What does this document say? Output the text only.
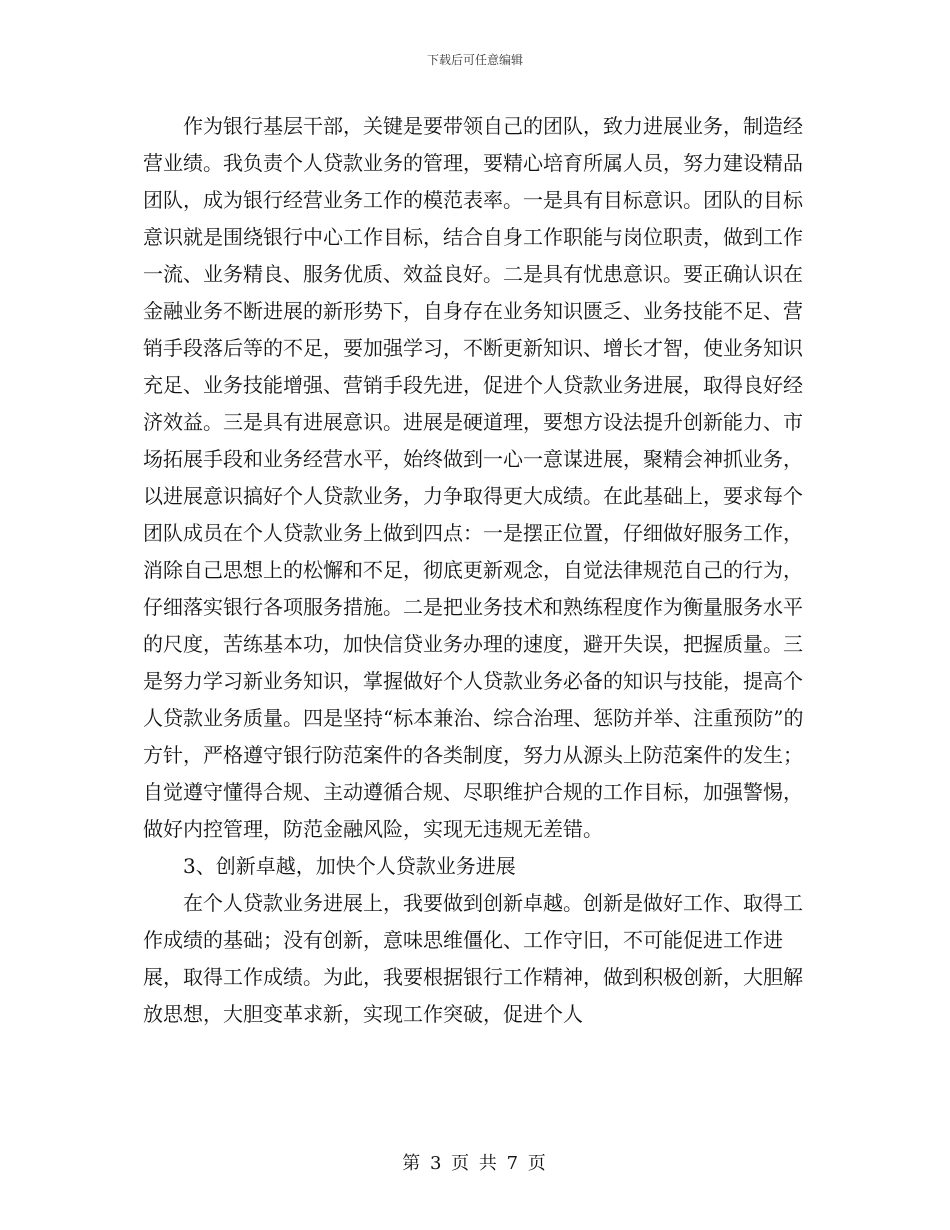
下载后可任意编辑

作为银行基层干部，关键是要带领自己的团队，致力进展业务，制造经营业绩。我负责个人贷款业务的管理，要精心培育所属人员，努力建设精品团队，成为银行经营业务工作的模范表率。一是具有目标意识。团队的目标意识就是围绕银行中心工作目标，结合自身工作职能与岗位职责，做到工作一流、业务精良、服务优质、效益良好。二是具有忧患意识。要正确认识在金融业务不断进展的新形势下，自身存在业务知识匮乏、业务技能不足、营销手段落后等的不足，要加强学习，不断更新知识、增长才智，使业务知识充足、业务技能增强、营销手段先进，促进个人贷款业务进展，取得良好经济效益。三是具有进展意识。进展是硬道理，要想方设法提升创新能力、市场拓展手段和业务经营水平，始终做到一心一意谋进展，聚精会神抓业务，以进展意识搞好个人贷款业务，力争取得更大成绩。在此基础上，要求每个团队成员在个人贷款业务上做到四点：一是摆正位置，仔细做好服务工作，消除自己思想上的松懈和不足，彻底更新观念，自觉法律规范自己的行为，仔细落实银行各项服务措施。二是把业务技术和熟练程度作为衡量服务水平的尺度，苦练基本功，加快信贷业务办理的速度，避开失误，把握质量。三是努力学习新业务知识，掌握做好个人贷款业务必备的知识与技能，提高个人贷款业务质量。四是坚持“标本兼治、综合治理、惩防并举、注重预防”的方针，严格遵守银行防范案件的各类制度，努力从源头上防范案件的发生；自觉遵守懂得合规、主动遵循合规、尽职维护合规的工作目标，加强警惕，做好内控管理，防范金融风险，实现无违规无差错。

3、创新卓越，加快个人贷款业务进展

在个人贷款业务进展上，我要做到创新卓越。创新是做好工作、取得工作成绩的基础；没有创新，意味思维僵化、工作守旧，不可能促进工作进展，取得工作成绩。为此，我要根据银行工作精神，做到积极创新，大胆解放思想，大胆变革求新，实现工作突破，促进个人

第 3 页 共 7 页
